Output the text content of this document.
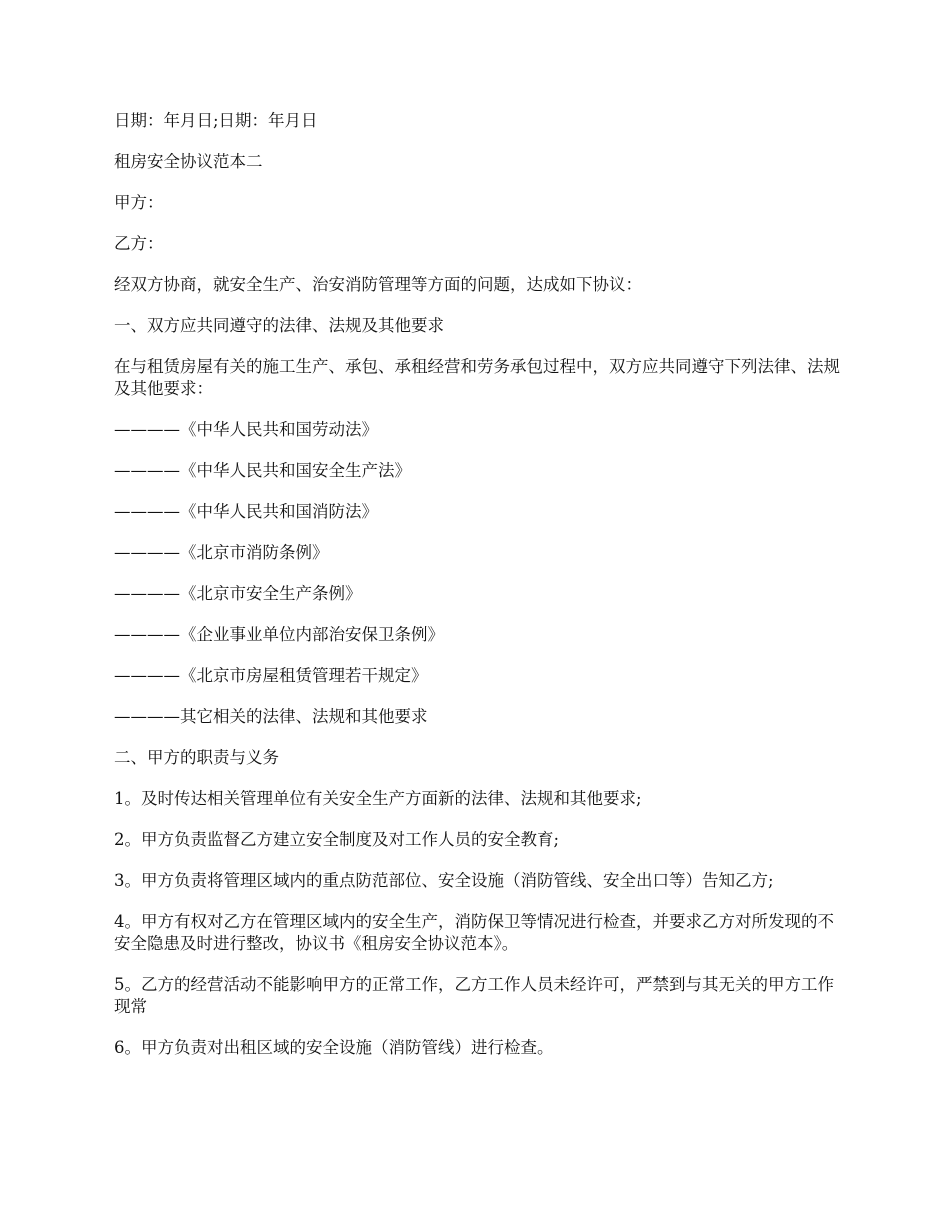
日期：年月日;日期：年月日

租房安全协议范本二

甲方：

乙方：

经双方协商，就安全生产、治安消防管理等方面的问题，达成如下协议：

一、双方应共同遵守的法律、法规及其他要求

在与租赁房屋有关的施工生产、承包、承租经营和劳务承包过程中，双方应共同遵守下列法律、法规及其他要求：

————《中华人民共和国劳动法》

————《中华人民共和国安全生产法》

————《中华人民共和国消防法》

————《北京市消防条例》

————《北京市安全生产条例》

————《企业事业单位内部治安保卫条例》

————《北京市房屋租赁管理若干规定》

————其它相关的法律、法规和其他要求

二、甲方的职责与义务

1。及时传达相关管理单位有关安全生产方面新的法律、法规和其他要求;

2。甲方负责监督乙方建立安全制度及对工作人员的安全教育;

3。甲方负责将管理区域内的重点防范部位、安全设施（消防管线、安全出口等）告知乙方;

4。甲方有权对乙方在管理区域内的安全生产，消防保卫等情况进行检查，并要求乙方对所发现的不安全隐患及时进行整改，协议书《租房安全协议范本》。

5。乙方的经营活动不能影响甲方的正常工作，乙方工作人员未经许可，严禁到与其无关的甲方工作现常

6。甲方负责对出租区域的安全设施（消防管线）进行检查。
